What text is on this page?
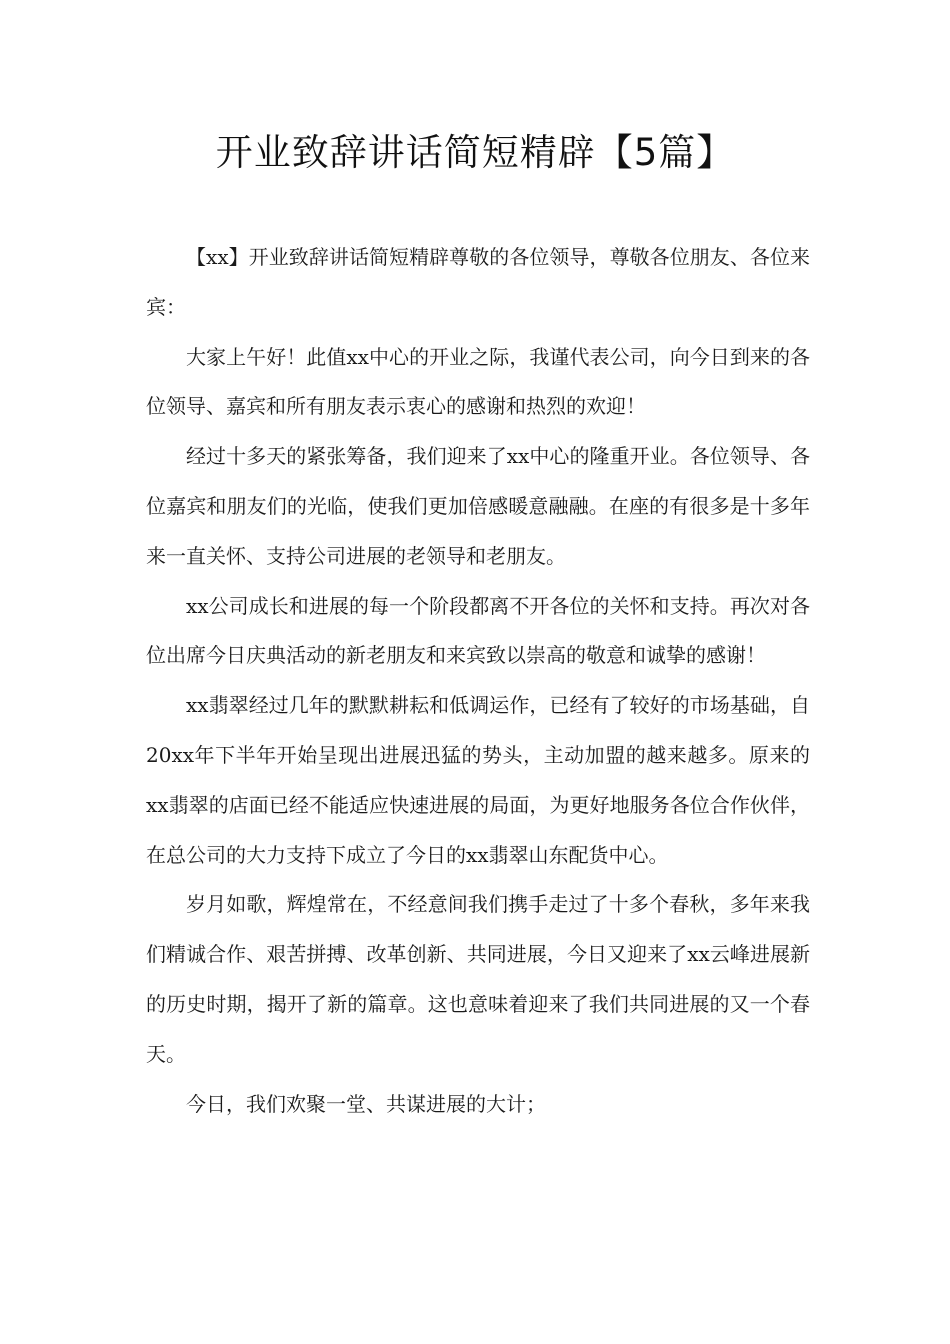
开业致辞讲话简短精辟【5篇】

【xx】开业致辞讲话简短精辟尊敬的各位领导，尊敬各位朋友、各位来宾：

大家上午好！此值xx中心的开业之际，我谨代表公司，向今日到来的各位领导、嘉宾和所有朋友表示衷心的感谢和热烈的欢迎！

经过十多天的紧张筹备，我们迎来了xx中心的隆重开业。各位领导、各位嘉宾和朋友们的光临，使我们更加倍感暖意融融。在座的有很多是十多年来一直关怀、支持公司进展的老领导和老朋友。

xx公司成长和进展的每一个阶段都离不开各位的关怀和支持。再次对各位出席今日庆典活动的新老朋友和来宾致以崇高的敬意和诚挚的感谢！

xx翡翠经过几年的默默耕耘和低调运作，已经有了较好的市场基础，自20xx年下半年开始呈现出进展迅猛的势头，主动加盟的越来越多。原来的xx翡翠的店面已经不能适应快速进展的局面，为更好地服务各位合作伙伴，在总公司的大力支持下成立了今日的xx翡翠山东配货中心。

岁月如歌，辉煌常在，不经意间我们携手走过了十多个春秋，多年来我们精诚合作、艰苦拼搏、改革创新、共同进展，今日又迎来了xx云峰进展新的历史时期，揭开了新的篇章。这也意味着迎来了我们共同进展的又一个春天。

今日，我们欢聚一堂、共谋进展的大计；
